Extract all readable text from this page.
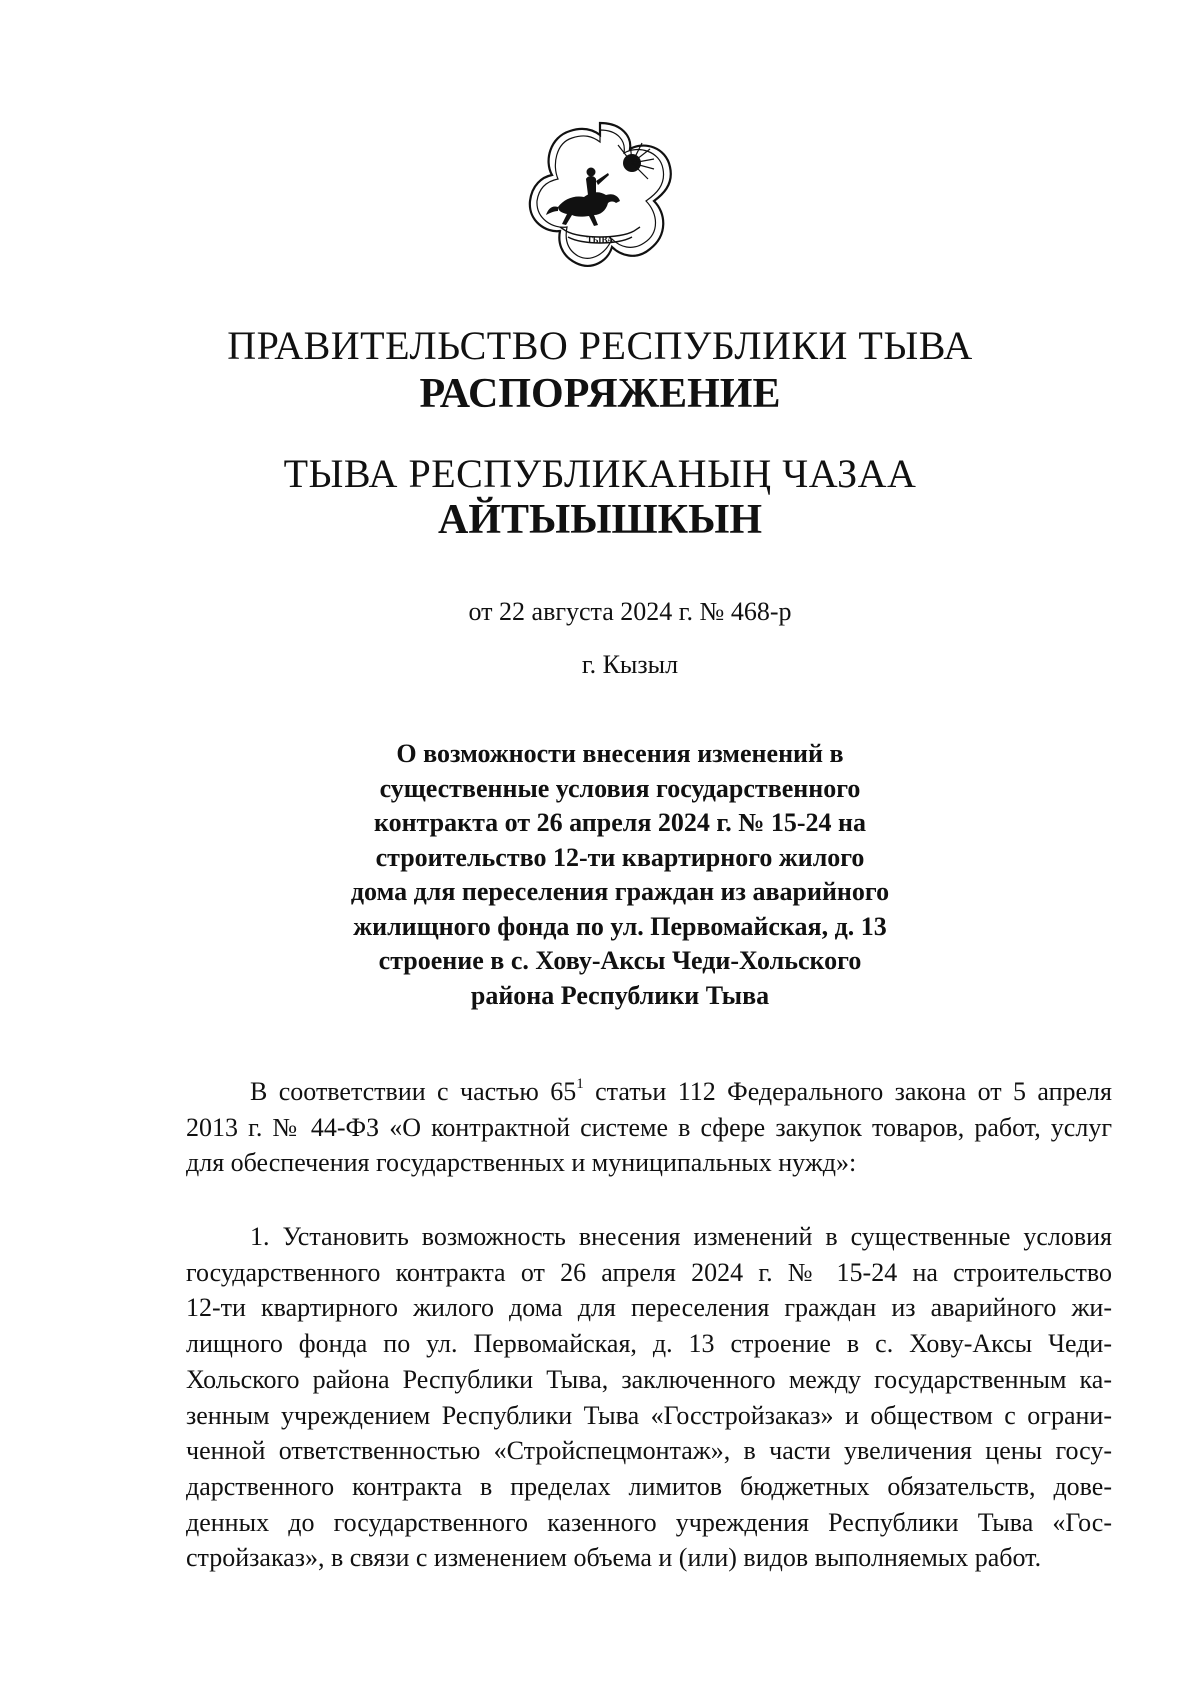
ТЫВА
ПРАВИТЕЛЬСТВО РЕСПУБЛИКИ ТЫВА
РАСПОРЯЖЕНИЕ
ТЫВА РЕСПУБЛИКАНЫҢ ЧАЗАА
АЙТЫЫШКЫН
от 22 августа 2024 г. № 468-р
г. Кызыл
О возможности внесения изменений в
существенные условия государственного
контракта от 26 апреля 2024 г. № 15-24 на
строительство 12-ти квартирного жилого
дома для переселения граждан из аварийного
жилищного фонда по ул. Первомайская, д. 13
строение в с. Хову-Аксы Чеди-Хольского
района Республики Тыва
В соответствии с частью $65^1$ статьи 112 Федерального закона от 5 апреля
2013 г. № 44-ФЗ «О контрактной системе в сфере закупок товаров, работ, услуг
для обеспечения государственных и муниципальных нужд»:
1. Установить возможность внесения изменений в существенные условия
государственного контракта от 26 апреля 2024 г. № 15-24 на строительство
12-ти квартирного жилого дома для переселения граждан из аварийного жи-
лищного фонда по ул. Первомайская, д. 13 строение в с. Хову-Аксы Чеди-
Хольского района Республики Тыва, заключенного между государственным ка-
зенным учреждением Республики Тыва «Госстройзаказ» и обществом с ограни-
ченной ответственностью «Стройспецмонтаж», в части увеличения цены госу-
дарственного контракта в пределах лимитов бюджетных обязательств, дове-
денных до государственного казенного учреждения Республики Тыва «Гос-
стройзаказ», в связи с изменением объема и (или) видов выполняемых работ.
